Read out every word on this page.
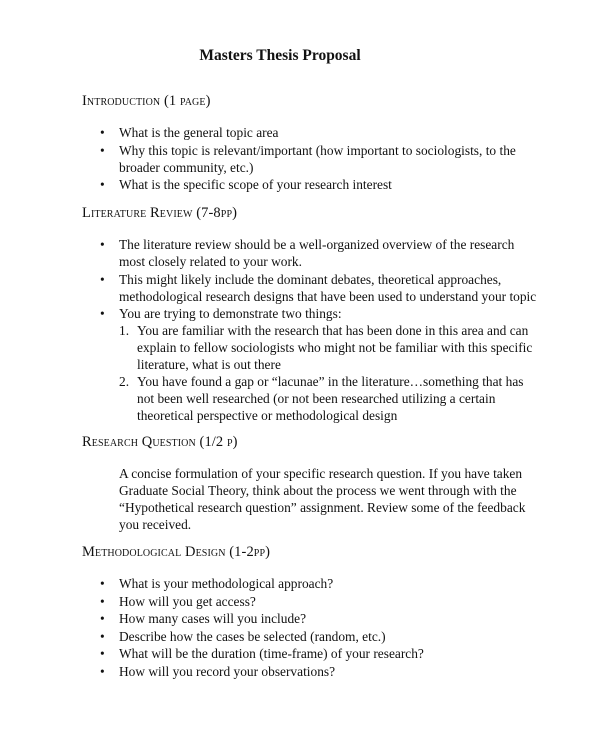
Masters Thesis Proposal
Introduction (1 page)
• What is the general topic area
• Why this topic is relevant/important (how important to sociologists, to the broader community, etc.)
• What is the specific scope of your research interest
Literature Review (7-8pp)
• The literature review should be a well-organized overview of the research most closely related to your work.
• This might likely include the dominant debates, theoretical approaches, methodological research designs that have been used to understand your topic
• You are trying to demonstrate two things:
1. You are familiar with the research that has been done in this area and can explain to fellow sociologists who might not be familiar with this specific literature, what is out there
2. You have found a gap or “lacunae” in the literature…something that has not been well researched (or not been researched utilizing a certain theoretical perspective or methodological design
Research Question (1/2 p)
A concise formulation of your specific research question. If you have taken Graduate Social Theory, think about the process we went through with the “Hypothetical research question” assignment. Review some of the feedback you received.
Methodological Design (1-2pp)
• What is your methodological approach?
• How will you get access?
• How many cases will you include?
• Describe how the cases be selected (random, etc.)
• What will be the duration (time-frame) of your research?
• How will you record your observations?
